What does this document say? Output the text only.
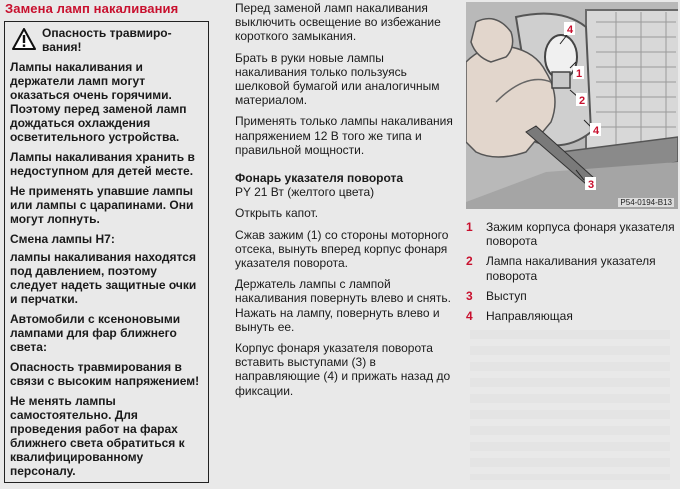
Замена ламп накаливания
Опасность травмиро-вания!

Лампы накаливания и держатели ламп могут оказаться очень горячими. Поэтому перед заменой ламп дождаться охлаждения осветительного устройства.

Лампы накаливания хранить в недоступном для детей месте.

Не применять упавшие лампы или лампы с царапинами. Они могут лопнуть.

Смена лампы H7:

лампы накаливания находятся под давлением, поэтому следует надеть защитные очки и перчатки.

Автомобили с ксеноновыми лампами для фар ближнего света:

Опасность травмирования в связи с высоким напряжением!

Не менять лампы самостоятельно. Для проведения работ на фарах ближнего света обратиться к квалифицированному персоналу.

Перед заменой ламп накаливания выключить освещение во избежание короткого замыкания.

Брать в руки новые лампы накаливания только пользуясь шелковой бумагой или аналогичным материалом.

Применять только лампы накаливания напряжением 12 В того же типа и правильной мощности.

Фонарь указателя поворота

PY 21 Вт (желтого цвета)

Открыть капот.

Сжав зажим (1) со стороны моторного отсека, вынуть вперед корпус фонаря указателя поворота.

Держатель лампы с лампой накаливания повернуть влево и снять. Нажать на лампу, повернуть влево и вынуть ее.

Корпус фонаря указателя поворота вставить выступами (3) в направляющие (4) и прижать назад до фиксации.

4
1
2
4
3
P54-0194-B13
1	Зажим корпуса фонаря указателя поворота
2	Лампа накаливания указателя поворота
3	Выступ
4	Направляющая
